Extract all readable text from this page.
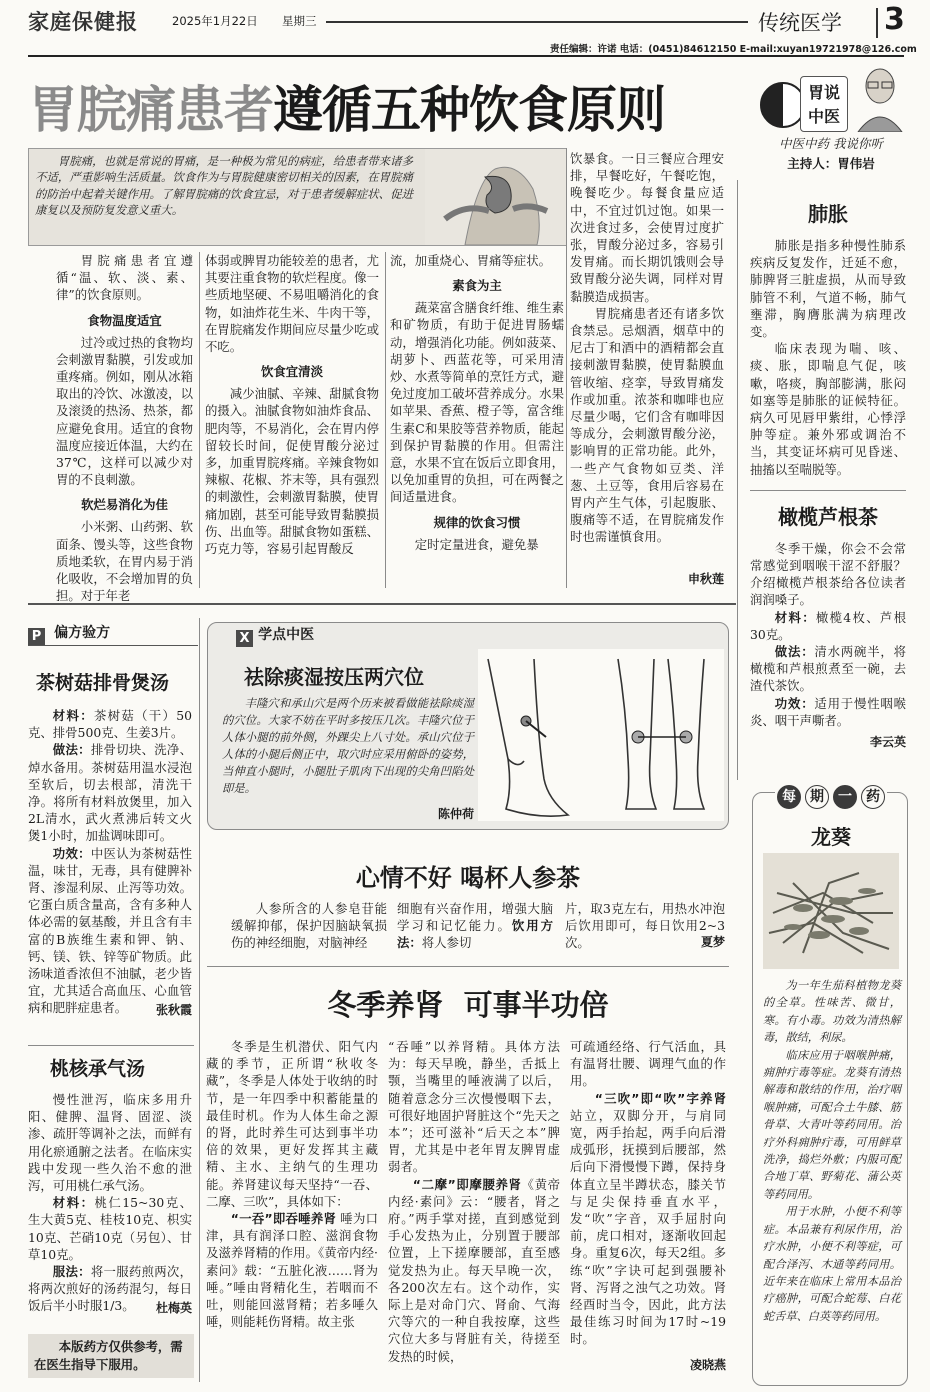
家庭保健报	2025年1月22日 星期三	传统医学 3
责任编辑：许诺 电话：(0451)84612150 E-mail:xuyan19721978@126.com
胃脘痛患者遵循五种饮食原则	胃说
中医
中医中药 我说你听
主持人：胃伟岩
胃脘痛，也就是常说的胃痛，是一种极为常见的病症，给患者带来诸多不适，严重影响生活质量。饮食作为与胃脘健康密切相关的因素，在胃脘痛的防治中起着关键作用。了解胃脘痛的饮食宜忌，对于患者缓解症状、促进康复以及预防复发意义重大。

胃脘痛患者宜遵循“温、软、淡、素、律”的饮食原则。

食物温度适宜

过冷或过热的食物均会刺激胃黏膜，引发或加重疼痛。例如，刚从冰箱取出的冷饮、冰激凌，以及滚烫的热汤、热茶，都应避免食用。适宜的食物温度应接近体温，大约在37℃，这样可以减少对胃的不良刺激。

软烂易消化为佳

小米粥、山药粥、软面条、馒头等，这些食物质地柔软，在胃内易于消化吸收，不会增加胃的负担。对于年老

体弱或脾胃功能较差的患者，尤其要注重食物的软烂程度。像一些质地坚硬、不易咀嚼消化的食物，如油炸花生米、牛肉干等，在胃脘痛发作期间应尽量少吃或不吃。

饮食宜清淡

减少油腻、辛辣、甜腻食物的摄入。油腻食物如油炸食品、肥肉等，不易消化，会在胃内停留较长时间，促使胃酸分泌过多，加重胃脘疼痛。辛辣食物如辣椒、花椒、芥末等，具有强烈的刺激性，会刺激胃黏膜，使胃痛加剧，甚至可能导致胃黏膜损伤、出血等。甜腻食物如蛋糕、巧克力等，容易引起胃酸反

流，加重烧心、胃痛等症状。

素食为主

蔬菜富含膳食纤维、维生素和矿物质，有助于促进胃肠蠕动，增强消化功能。例如菠菜、胡萝卜、西蓝花等，可采用清炒、水煮等简单的烹饪方式，避免过度加工破坏营养成分。水果如苹果、香蕉、橙子等，富含维生素C和果胶等营养物质，能起到保护胃黏膜的作用。但需注意，水果不宜在饭后立即食用，以免加重胃的负担，可在两餐之间适量进食。

规律的饮食习惯

定时定量进食，避免暴

饮暴食。一日三餐应合理安排，早餐吃好，午餐吃饱，晚餐吃少。每餐食量应适中，不宜过饥过饱。如果一次进食过多，会使胃过度扩张，胃酸分泌过多，容易引发胃痛。而长期饥饿则会导致胃酸分泌失调，同样对胃黏膜造成损害。

胃脘痛患者还有诸多饮食禁忌。忌烟酒，烟草中的尼古丁和酒中的酒精都会直接刺激胃黏膜，使胃黏膜血管收缩、痉挛，导致胃痛发作或加重。浓茶和咖啡也应尽量少喝，它们含有咖啡因等成分，会刺激胃酸分泌，影响胃的正常功能。此外，一些产气食物如豆类、洋葱、土豆等，食用后容易在胃内产生气体，引起腹胀、腹痛等不适，在胃脘痛发作时也需谨慎食用。

申秋莲
肺胀

肺胀是指多种慢性肺系疾病反复发作，迁延不愈，肺脾肾三脏虚损，从而导致肺管不利，气道不畅，肺气壅滞，胸膺胀满为病理改变。

临床表现为喘、咳、痰、胀，即喘息气促，咳嗽，咯痰，胸部膨满，胀闷如塞等是肺胀的证候特征。病久可见唇甲紫绀，心悸浮肿等症。兼外邪或调治不当，其变证坏病可见昏迷、抽搐以至喘脱等。

橄榄芦根茶

冬季干燥，你会不会常常感觉到咽喉干涩不舒服？介绍橄榄芦根茶给各位读者润润嗓子。

材料：橄榄4枚、芦根30克。

做法：清水两碗半，将橄榄和芦根煎煮至一碗，去渣代茶饮。

功效：适用于慢性咽喉炎、咽干声嘶者。

李云英
每 期 一 药
龙葵

为一年生茄科植物龙葵的全草。性味苦、微甘，寒。有小毒。功效为清热解毒，散结，利尿。

临床应用于咽喉肿痛，痈肿疔毒等症。龙葵有清热解毒和散结的作用，治疗咽喉肿痛，可配合土牛膝、筋骨草、大青叶等药同用。治疗外科痈肿疔毒，可用鲜草洗净，捣烂外敷；内服可配合地丁草、野菊花、蒲公英等药同用。

用于水肿，小便不利等症。本品兼有利尿作用，治疗水肿，小便不利等症，可配合泽泻、木通等药同用。近年来在临床上常用本品治疗癌肿，可配合蛇莓、白花蛇舌草、白英等药同用。

P 偏方验方
茶树菇排骨煲汤

材料：茶树菇（干）50克、排骨500克、生姜3片。

做法：排骨切块、洗净、焯水备用。茶树菇用温水浸泡至软后，切去根部，清洗干净。将所有材料放煲里，加入2L清水，武火煮沸后转文火煲1小时，加盐调味即可。

功效：中医认为茶树菇性温，味甘，无毒，具有健脾补肾、渗湿利尿、止泻等功效。它蛋白质含量高，含有多种人体必需的氨基酸，并且含有丰富的B族维生素和钾、钠、钙、镁、铁、锌等矿物质。此汤味道香浓但不油腻，老少皆宜，尤其适合高血压、心血管病和肥胖症患者。	张秋霞
桃核承气汤

慢性泄泻，临床多用升阳、健脾、温肾、固涩、淡渗、疏肝等调补之法，而鲜有用化瘀通腑之法者。在临床实践中发现一些久治不愈的泄泻，可用桃仁承气汤。

材料：桃仁15~30克、生大黄5克、桂枝10克、枳实10克、芒硝10克（另包）、甘草10克。

服法：将一服药煎两次，将两次煎好的汤药混匀，每日饭后半小时服1/3。	杜梅英
本版药方仅供参考，需在医生指导下服用。
X 学点中医
祛除痰湿按压两穴位
丰隆穴和承山穴是两个历来被看做能祛除痰湿的穴位。大家不妨在平时多按压几次。丰隆穴位于人体小腿的前外侧，外踝尖上八寸处。承山穴位于人体的小腿后侧正中，取穴时应采用俯卧的姿势，当伸直小腿时，小腿肚子肌肉下出现的尖角凹陷处即是。
陈仲荷
心情不好 喝杯人参茶

人参所含的人参皂苷能缓解抑郁，保护因脑缺氧损伤的神经细胞，对脑神经

细胞有兴奋作用，增强大脑学习和记忆能力。饮用方法：将人参切

片，取3克左右，用热水冲泡后饮用即可，每日饮用2~3次。	夏梦

冬季养肾  可事半功倍

冬季是生机潜伏、阳气内藏的季节，正所谓“秋收冬藏”，冬季是人体处于收纳的时节，是一年四季中积蓄能量的最佳时机。作为人体生命之源的肾，此时养生可达到事半功倍的效果，更好发挥其主藏精、主水、主纳气的生理功能。养肾建议每天坚持“一吞、二摩、三吹”，具体如下：

“一吞”即吞唾养肾 唾为口津，具有润泽口腔、滋润食物及滋养肾精的作用。《黄帝内经·素问》载：“五脏化液……肾为唾。”唾由肾精化生，若咽而不吐，则能回滋肾精；若多唾久唾，则能耗伤肾精。故主张

“吞唾”以养肾精。具体方法为：每天早晚，静坐，舌抵上颚，当嘴里的唾液满了以后，随着意念分三次慢慢咽下去，可很好地固护肾脏这个“先天之本”；还可滋补“后天之本”脾胃，尤其是中老年胃友脾胃虚弱者。

“二摩”即摩腰养肾《黄帝内经·素问》云：“腰者，肾之府。”两手掌对搓，直到感觉到手心发热为止，分别置于腰部位置，上下搓摩腰部，直至感觉发热为止。每天早晚一次，各200次左右。这个动作，实际上是对命门穴、肾俞、气海穴等穴的一种自我按摩，这些穴位大多与肾脏有关，待搓至发热的时候，

可疏通经络、行气活血，具有温肾壮腰、调理气血的作用。

“三吹”即“吹”字养肾 站立，双脚分开，与肩同宽，两手抬起，两手向后滑成弧形，抚摸到后腰部，然后向下滑慢慢下蹲，保持身体直立呈半蹲状态，膝关节与足尖保持垂直水平，发“吹”字音，双手屈肘向前，虎口相对，逐渐收回起身。重复6次，每天2组。多练“吹”字诀可起到强腰补肾、泻肾之浊气之功效。肾经酉时当令，因此，此方法最佳练习时间为17时~19时。

凌晓燕
